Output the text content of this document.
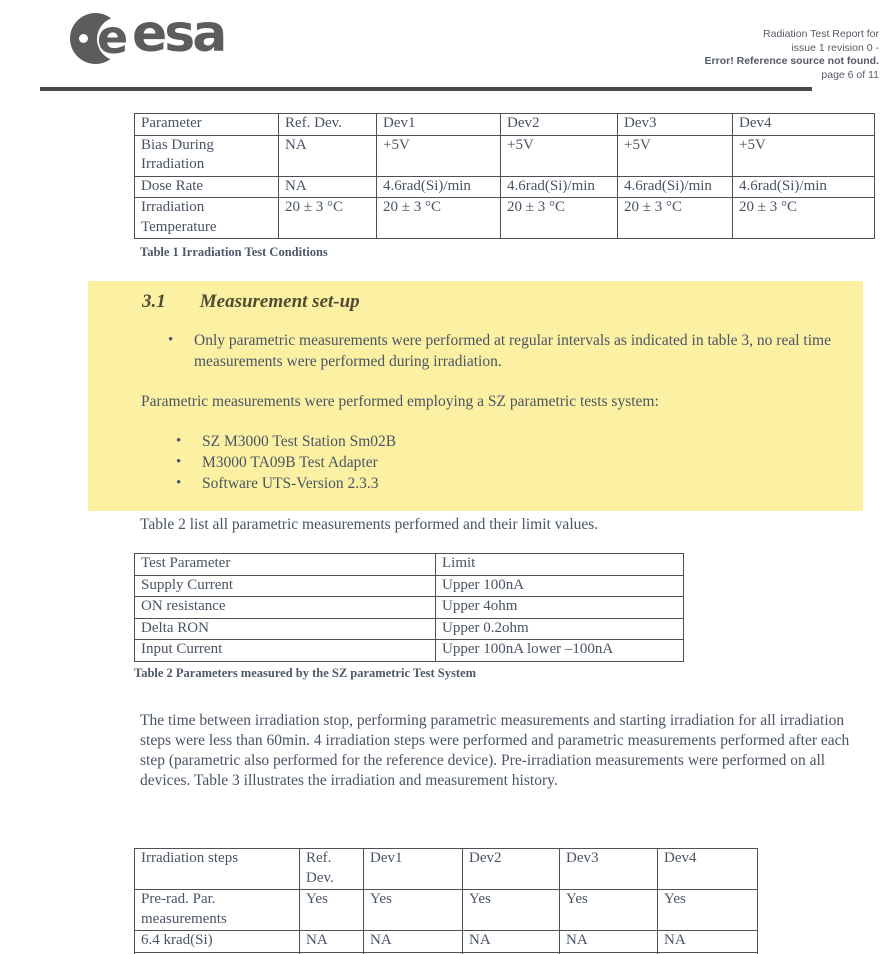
e esa	Radiation Test Report for
issue 1 revision 0 -
Error! Reference source not found.
page 6 of 11
Parameter	Ref. Dev.	Dev1	Dev2	Dev3	Dev4
Bias During Irradiation	NA	+5V	+5V	+5V	+5V
Dose Rate	NA	4.6rad(Si)/min	4.6rad(Si)/min	4.6rad(Si)/min	4.6rad(Si)/min
Irradiation Temperature	20 ± 3 °C	20 ± 3 °C	20 ± 3 °C	20 ± 3 °C	20 ± 3 °C
Table 1 Irradiation Test Conditions
3.1 Measurement set-up
•	Only parametric measurements were performed at regular intervals as indicated in table 3, no real time measurements were performed during irradiation.
Parametric measurements were performed employing a SZ parametric tests system:
•	SZ M3000 Test Station Sm02B
•	M3000 TA09B Test Adapter
•	Software UTS-Version 2.3.3
Table 2 list all parametric measurements performed and their limit values.
Test Parameter	Limit
Supply Current	Upper 100nA
ON resistance	Upper 4ohm
Delta RON	Upper 0.2ohm
Input Current	Upper 100nA lower –100nA
Table 2 Parameters measured by the SZ parametric Test System
The time between irradiation stop, performing parametric measurements and starting irradiation for all irradiation steps were less than 60min. 4 irradiation steps were performed and parametric measurements performed after each step (parametric also performed for the reference device). Pre-irradiation measurements were performed on all devices. Table 3 illustrates the irradiation and measurement history.
Irradiation steps	Ref. Dev.	Dev1	Dev2	Dev3	Dev4
Pre-rad. Par. measurements	Yes	Yes	Yes	Yes	Yes
6.4 krad(Si)	NA	NA	NA	NA	NA
